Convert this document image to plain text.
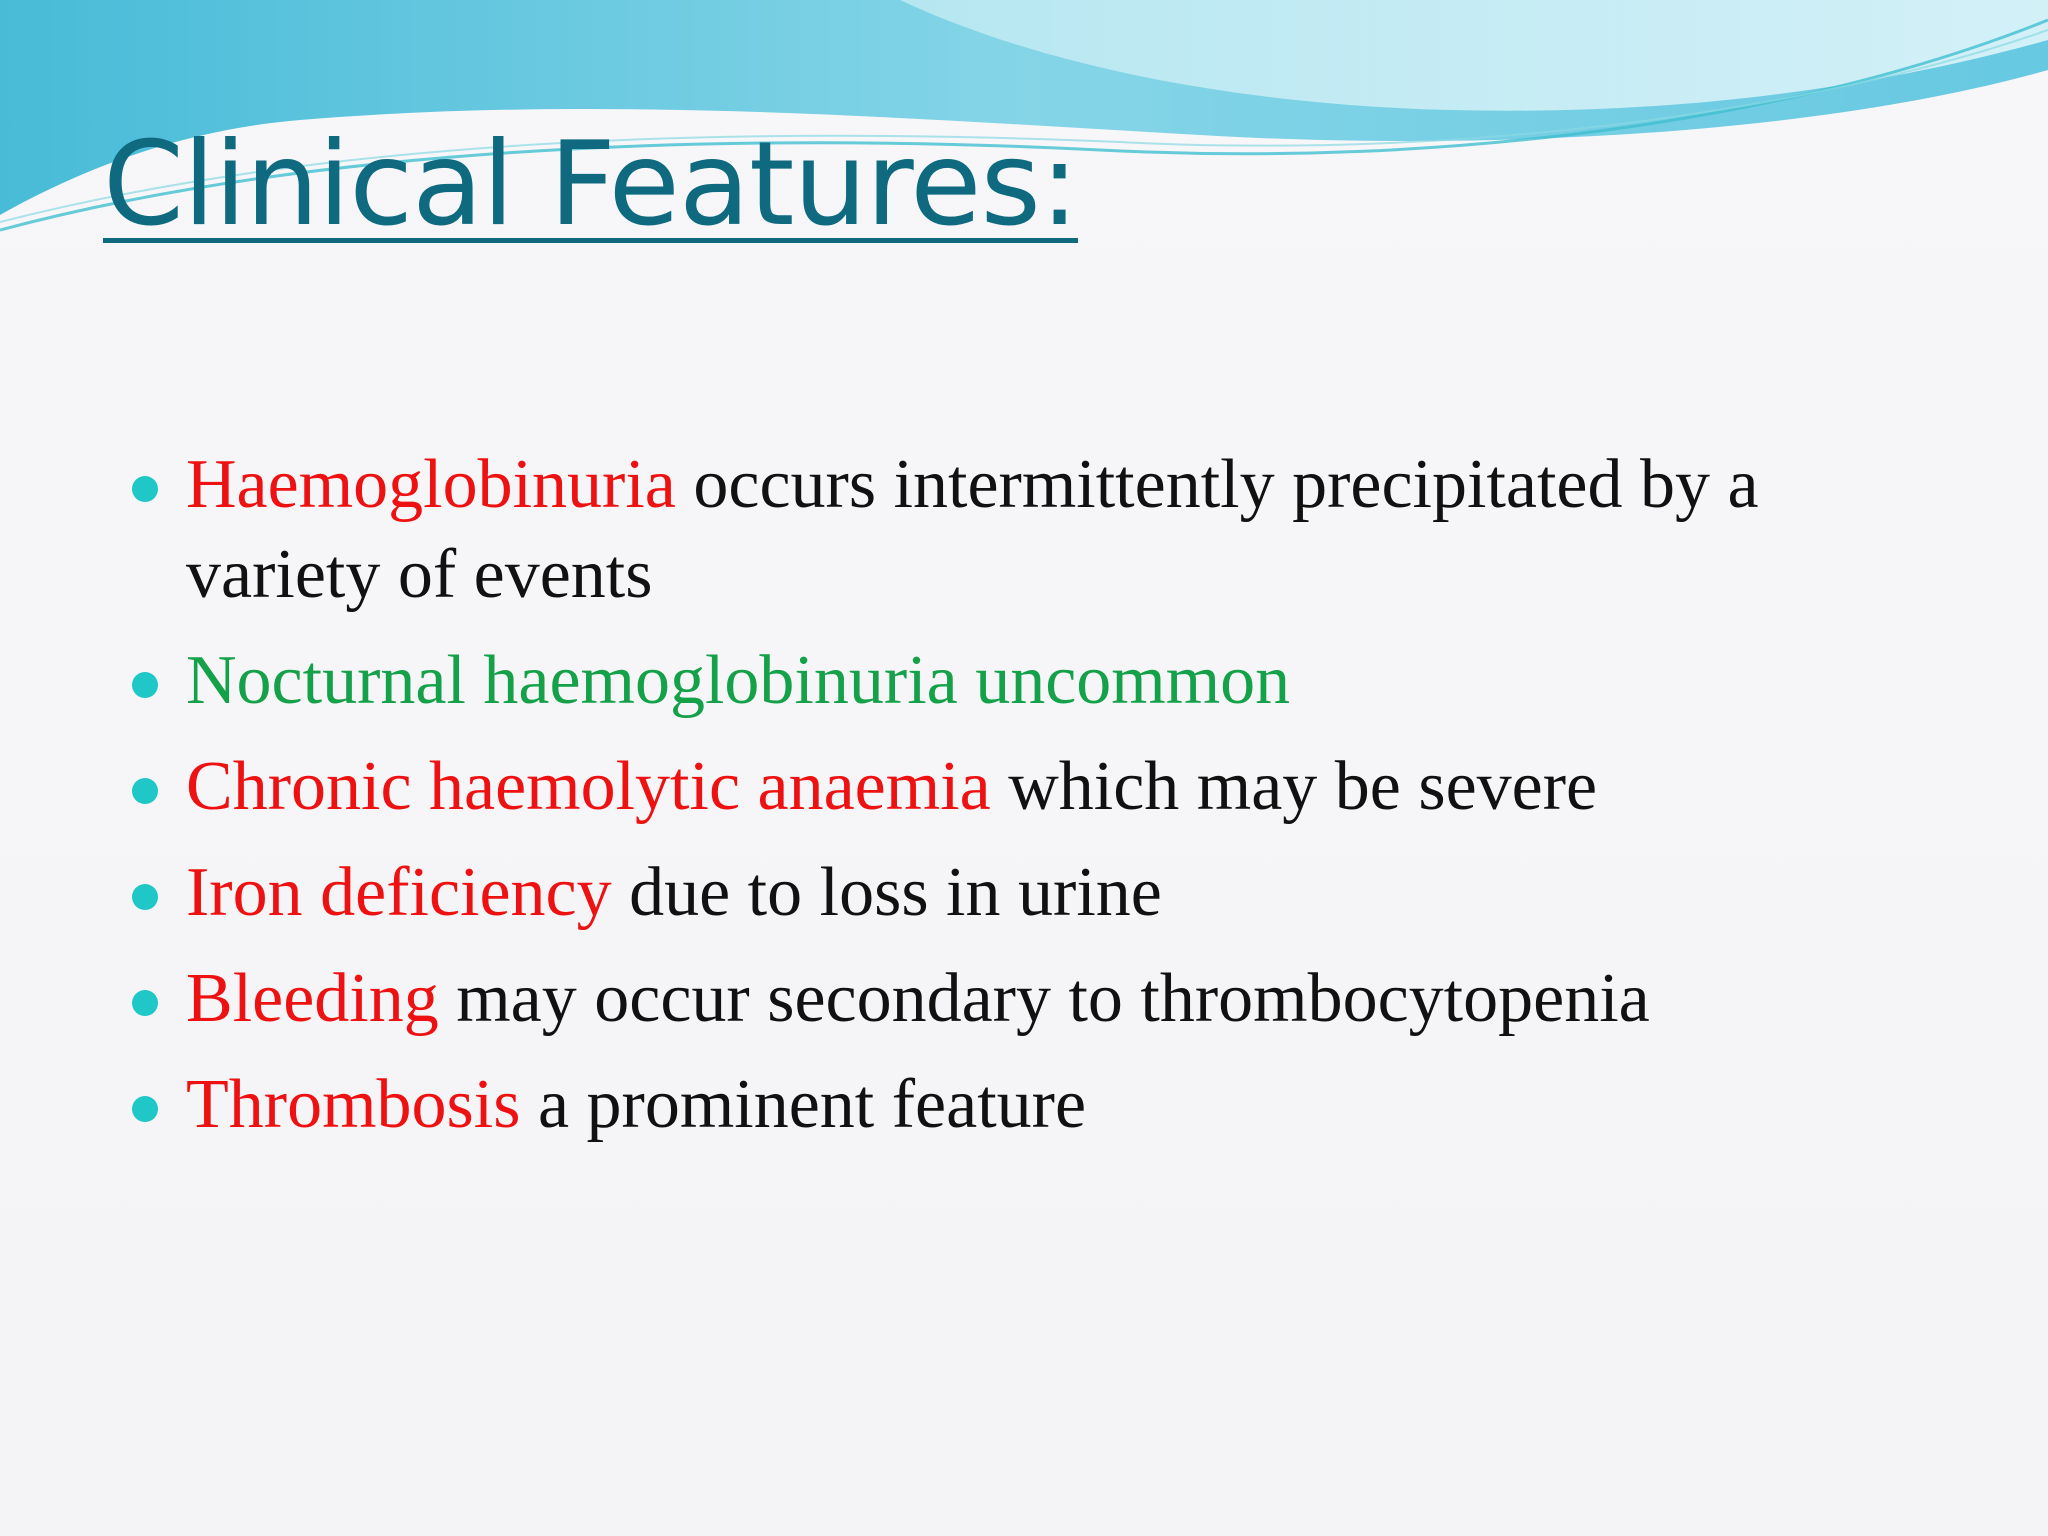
Clinical Features:
Haemoglobinuria occurs intermittently precipitated by a variety of events
Nocturnal haemoglobinuria uncommon
Chronic haemolytic anaemia which may be severe
Iron deficiency due to loss in urine
Bleeding may occur secondary to thrombocytopenia
Thrombosis a prominent feature
